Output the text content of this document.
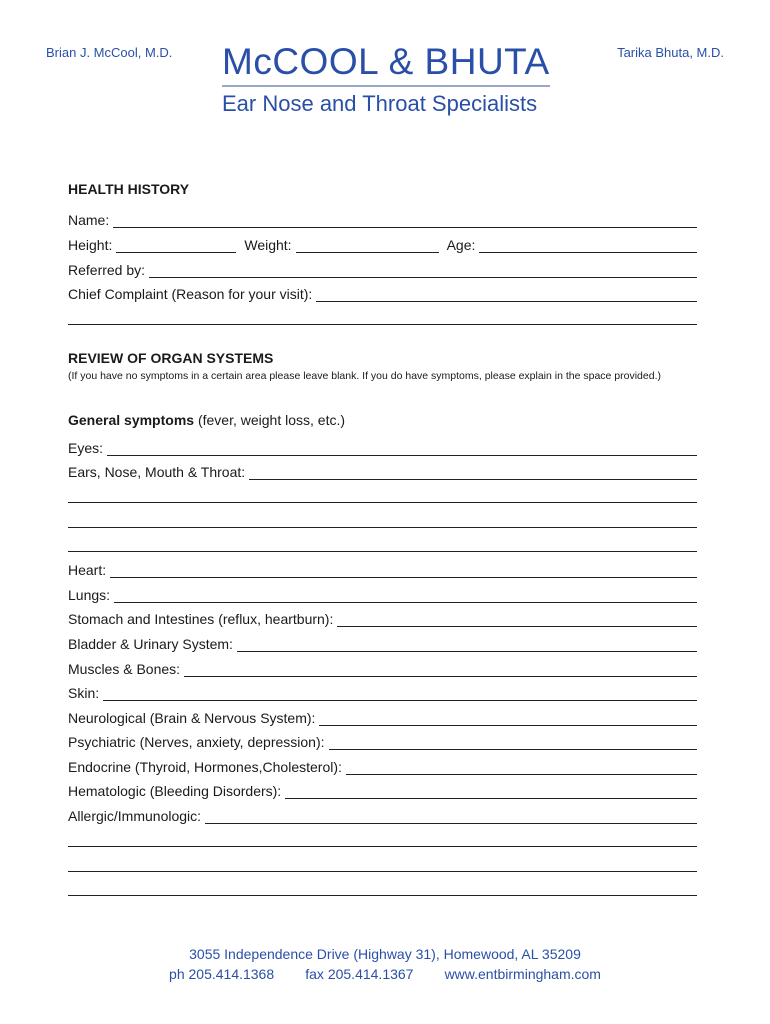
Brian J. McCool, M.D.	Tarika Bhuta, M.D.
McCOOL & BHUTA
Ear Nose and Throat Specialists
HEALTH HISTORY
Name:
Height:	Weight:	Age:
Referred by:
Chief Complaint (Reason for your visit):
REVIEW OF ORGAN SYSTEMS
(If you have no symptoms in a certain area please leave blank. If you do have symptoms, please explain in the space provided.)
General symptoms (fever, weight loss, etc.)
Eyes:
Ears, Nose, Mouth & Throat:
Heart:
Lungs:
Stomach and Intestines (reflux, heartburn):
Bladder & Urinary System:
Muscles & Bones:
Skin:
Neurological (Brain & Nervous System):
Psychiatric (Nerves, anxiety, depression):
Endocrine (Thyroid, Hormones,Cholesterol):
Hematologic (Bleeding Disorders):
Allergic/Immunologic:
3055 Independence Drive (Highway 31), Homewood, AL 35209
ph 205.414.1368        fax 205.414.1367        www.entbirmingham.com
